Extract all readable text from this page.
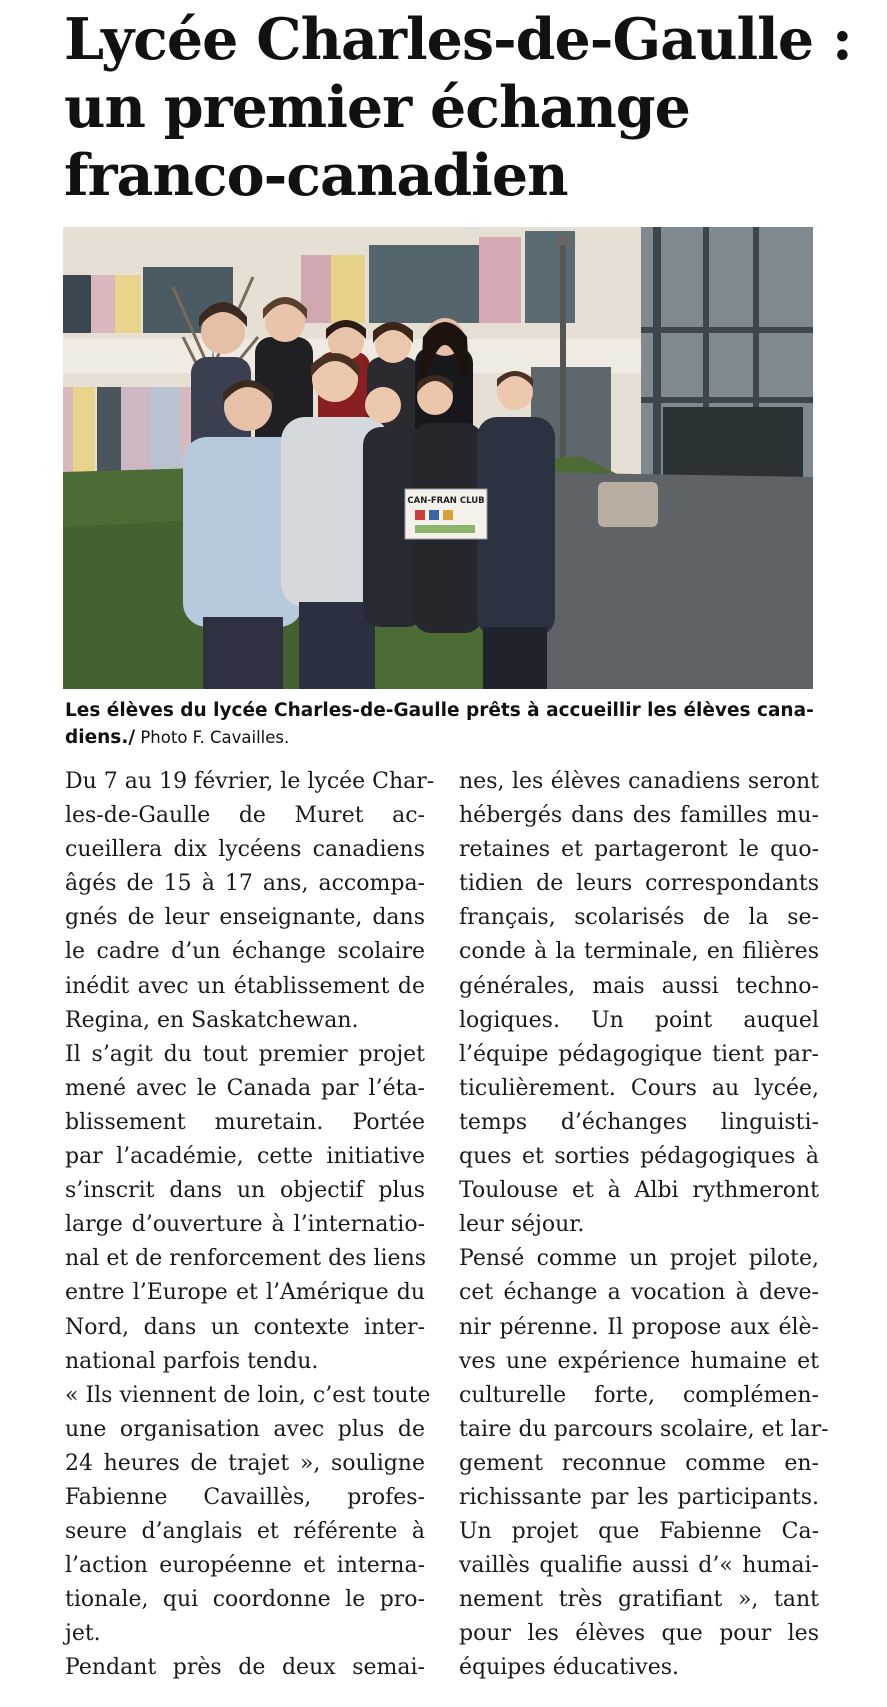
Lycée Charles-de-Gaulle :
un premier échange
franco-canadien
CAN-FRAN CLUB
Les élèves du lycée Charles-de-Gaulle prêts à accueillir les élèves cana-
diens./ Photo F. Cavailles.
Du 7 au 19 février, le lycée Char-
les-de-Gaulle de Muret ac-
cueillera dix lycéens canadiens
âgés de 15 à 17 ans, accompa-
gnés de leur enseignante, dans
le cadre d’un échange scolaire
inédit avec un établissement de
Regina, en Saskatchewan.
Il s’agit du tout premier projet
mené avec le Canada par l’éta-
blissement muretain. Portée
par l’académie, cette initiative
s’inscrit dans un objectif plus
large d’ouverture à l’internatio-
nal et de renforcement des liens
entre l’Europe et l’Amérique du
Nord, dans un contexte inter-
national parfois tendu.
« Ils viennent de loin, c’est toute
une organisation avec plus de
24 heures de trajet », souligne
Fabienne Cavaillès, profes-
seure d’anglais et référente à
l’action européenne et interna-
tionale, qui coordonne le pro-
jet.
Pendant près de deux semai-
nes, les élèves canadiens seront
hébergés dans des familles mu-
retaines et partageront le quo-
tidien de leurs correspondants
français, scolarisés de la se-
conde à la terminale, en filières
générales, mais aussi techno-
logiques. Un point auquel
l’équipe pédagogique tient par-
ticulièrement. Cours au lycée,
temps d’échanges linguisti-
ques et sorties pédagogiques à
Toulouse et à Albi rythmeront
leur séjour.
Pensé comme un projet pilote,
cet échange a vocation à deve-
nir pérenne. Il propose aux élè-
ves une expérience humaine et
culturelle forte, complémen-
taire du parcours scolaire, et lar-
gement reconnue comme en-
richissante par les participants.
Un projet que Fabienne Ca-
vaillès qualifie aussi d’« humai-
nement très gratifiant », tant
pour les élèves que pour les
équipes éducatives.
